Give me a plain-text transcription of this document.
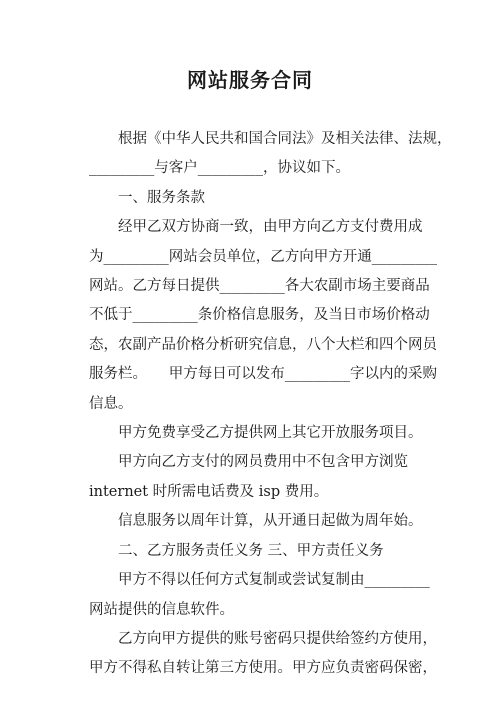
网站服务合同

根据《中华人民共和国合同法》及相关法律、法规，

_________与客户_________，协议如下。

一、服务条款

经甲乙双方协商一致，由甲方向乙方支付费用成

为_________网站会员单位，乙方向甲方开通_________

网站。乙方每日提供_________各大农副市场主要商品

不低于_________条价格信息服务，及当日市场价格动

态，农副产品价格分析研究信息，八个大栏和四个网员

服务栏。　　甲方每日可以发布_________字以内的采购

信息。

甲方免费享受乙方提供网上其它开放服务项目。

甲方向乙方支付的网员费用中不包含甲方浏览

internet 时所需电话费及 isp 费用。

信息服务以周年计算，从开通日起做为周年始。

二、乙方服务责任义务 三、甲方责任义务

甲方不得以任何方式复制或尝试复制由_________

网站提供的信息软件。

乙方向甲方提供的账号密码只提供给签约方使用，

甲方不得私自转让第三方使用。甲方应负责密码保密，
